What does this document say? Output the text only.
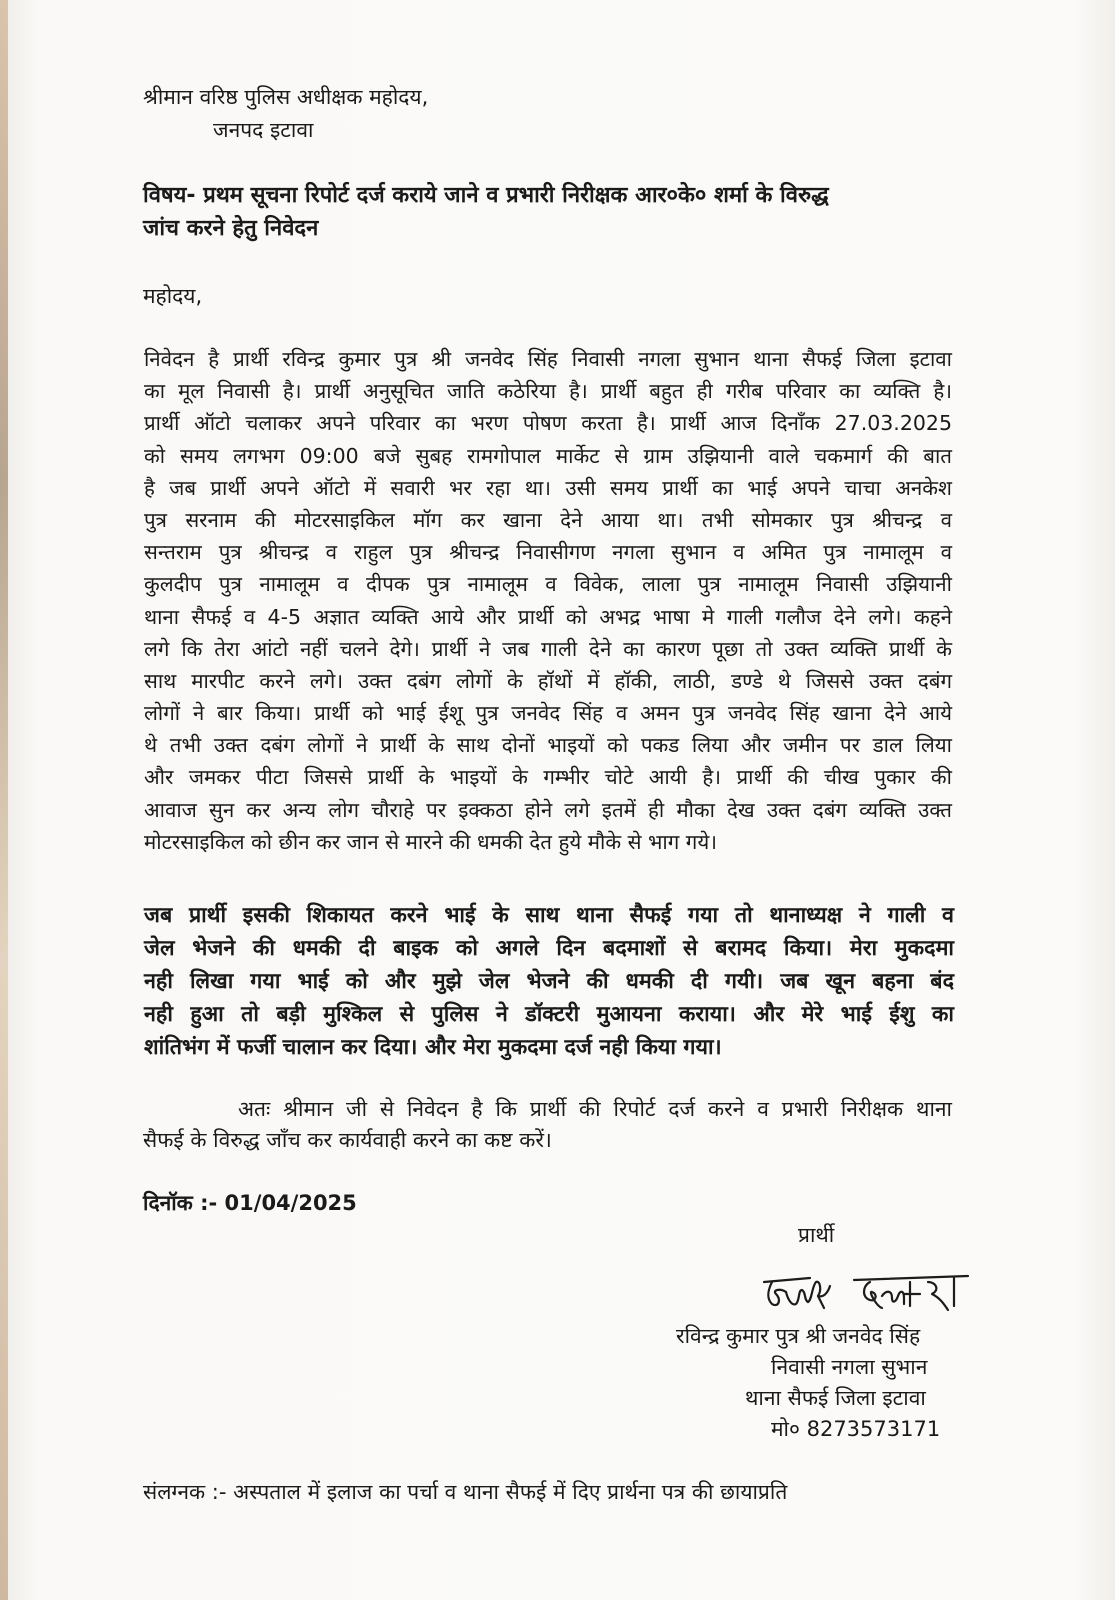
श्रीमान वरिष्ठ पुलिस अधीक्षक महोदय,
जनपद इटावा
विषय- प्रथम सूचना रिपोर्ट दर्ज कराये जाने व प्रभारी निरीक्षक आर०के० शर्मा के विरुद्ध
जांच करने हेतु निवेदन
महोदय,
निवेदन है प्रार्थी रविन्द्र कुमार पुत्र श्री जनवेद सिंह निवासी नगला सुभान थाना सैफई जिला इटावा
का मूल निवासी है। प्रार्थी अनुसूचित जाति कठेरिया है। प्रार्थी बहुत ही गरीब परिवार का व्यक्ति है।
प्रार्थी ऑटो चलाकर अपने परिवार का भरण पोषण करता है। प्रार्थी आज दिनाँक 27.03.2025
को समय लगभग 09:00 बजे सुबह रामगोपाल मार्केट से ग्राम उझियानी वाले चकमार्ग की बात
है जब प्रार्थी अपने ऑटो में सवारी भर रहा था। उसी समय प्रार्थी का भाई अपने चाचा अनकेश
पुत्र सरनाम की मोटरसाइकिल मॉग कर खाना देने आया था। तभी सोमकार पुत्र श्रीचन्द्र व
सन्तराम पुत्र श्रीचन्द्र व राहुल पुत्र श्रीचन्द्र निवासीगण नगला सुभान व अमित पुत्र नामालूम व
कुलदीप पुत्र नामालूम व दीपक पुत्र नामालूम व विवेक, लाला पुत्र नामालूम निवासी उझियानी
थाना सैफई व 4-5 अज्ञात व्यक्ति आये और प्रार्थी को अभद्र भाषा मे गाली गलौज देने लगे। कहने
लगे कि तेरा आंटो नहीं चलने देगे। प्रार्थी ने जब गाली देने का कारण पूछा तो उक्त व्यक्ति प्रार्थी के
साथ मारपीट करने लगे। उक्त दबंग लोगों के हॉथों में हॉकी, लाठी, डण्डे थे जिससे उक्त दबंग
लोगों ने बार किया। प्रार्थी को भाई ईशू पुत्र जनवेद सिंह व अमन पुत्र जनवेद सिंह खाना देने आये
थे तभी उक्त दबंग लोगों ने प्रार्थी के साथ दोनों भाइयों को पकड लिया और जमीन पर डाल लिया
और जमकर पीटा जिससे प्रार्थी के भाइयों के गम्भीर चोटे आयी है। प्रार्थी की चीख पुकार की
आवाज सुन कर अन्य लोग चौराहे पर इक्कठा होने लगे इतमें ही मौका देख उक्त दबंग व्यक्ति उक्त
मोटरसाइकिल को छीन कर जान से मारने की धमकी देत हुये मौके से भाग गये।
जब प्रार्थी इसकी शिकायत करने भाई के साथ थाना सैफई गया तो थानाध्यक्ष ने गाली व
जेल भेजने की धमकी दी बाइक को अगले दिन बदमाशों से बरामद किया। मेरा मुकदमा
नही लिखा गया भाई को और मुझे जेल भेजने की धमकी दी गयी। जब खून बहना बंद
नही हुआ तो बड़ी मुश्किल से पुलिस ने डॉक्टरी मुआयना कराया। और मेरे भाई ईशु का
शांतिभंग में फर्जी चालान कर दिया। और मेरा मुकदमा दर्ज नही किया गया।
अतः श्रीमान जी से निवेदन है कि प्रार्थी की रिपोर्ट दर्ज करने व प्रभारी निरीक्षक थाना
सैफई के विरुद्ध जाँच कर कार्यवाही करने का कष्ट करें।
दिनॉक :- 01/04/2025
प्रार्थी
रविन्द्र कुमार पुत्र श्री जनवेद सिंह
निवासी नगला सुभान
थाना सैफई जिला इटावा
मो० 8273573171
संलग्नक :- अस्पताल में इलाज का पर्चा व थाना सैफई में दिए प्रार्थना पत्र की छायाप्रति
